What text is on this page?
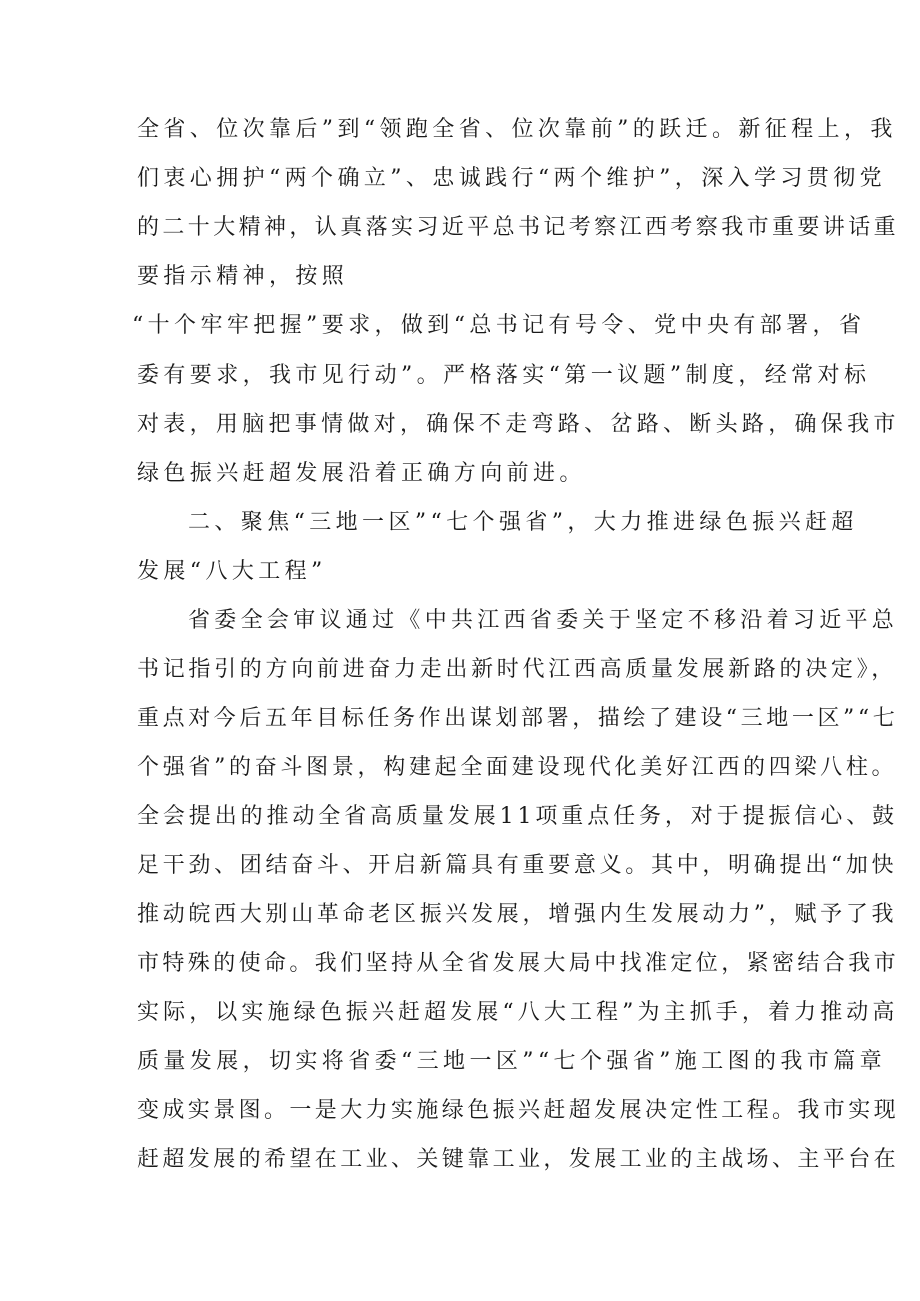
全省、位次靠后”到“领跑全省、位次靠前”的跃迁。新征程上，我
们衷心拥护“两个确立”、忠诚践行“两个维护”，深入学习贯彻党
的二十大精神，认真落实习近平总书记考察江西考察我市重要讲话重
要指示精神，按照
“十个牢牢把握”要求，做到“总书记有号令、党中央有部署，省
委有要求，我市见行动”。严格落实“第一议题”制度，经常对标
对表，用脑把事情做对，确保不走弯路、岔路、断头路，确保我市
绿色振兴赶超发展沿着正确方向前进。
二、聚焦“三地一区”“七个强省”，大力推进绿色振兴赶超
发展“八大工程”
省委全会审议通过《中共江西省委关于坚定不移沿着习近平总
书记指引的方向前进奋力走出新时代江西高质量发展新路的决定》，
重点对今后五年目标任务作出谋划部署，描绘了建设“三地一区”“七
个强省”的奋斗图景，构建起全面建设现代化美好江西的四梁八柱。
全会提出的推动全省高质量发展11项重点任务，对于提振信心、鼓
足干劲、团结奋斗、开启新篇具有重要意义。其中，明确提出“加快
推动皖西大别山革命老区振兴发展，增强内生发展动力”，赋予了我
市特殊的使命。我们坚持从全省发展大局中找准定位，紧密结合我市
实际，以实施绿色振兴赶超发展“八大工程”为主抓手，着力推动高
质量发展，切实将省委“三地一区”“七个强省”施工图的我市篇章
变成实景图。一是大力实施绿色振兴赶超发展决定性工程。我市实现
赶超发展的希望在工业、关键靠工业，发展工业的主战场、主平台在
